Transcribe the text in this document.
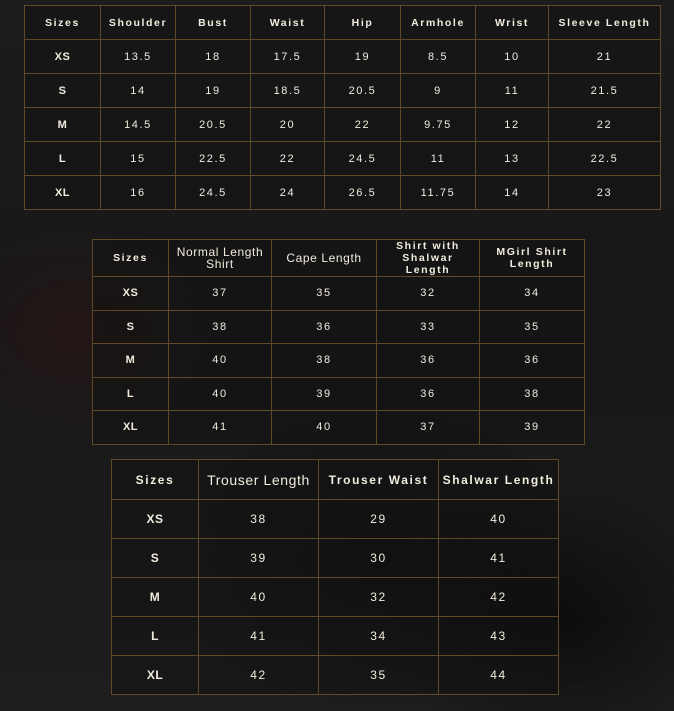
Sizes	Shoulder	Bust	Waist	Hip	Armhole	Wrist	Sleeve Length
XS	13.5	18	17.5	19	8.5	10	21
S	14	19	18.5	20.5	9	11	21.5
M	14.5	20.5	20	22	9.75	12	22
L	15	22.5	22	24.5	11	13	22.5
XL	16	24.5	24	26.5	11.75	14	23
Sizes	Normal Length Shirt	Cape Length	Shirt with Shalwar Length	MGirl Shirt Length
XS	37	35	32	34
S	38	36	33	35
M	40	38	36	36
L	40	39	36	38
XL	41	40	37	39
Sizes	Trouser Length	Trouser Waist	Shalwar Length
XS	38	29	40
S	39	30	41
M	40	32	42
L	41	34	43
XL	42	35	44
